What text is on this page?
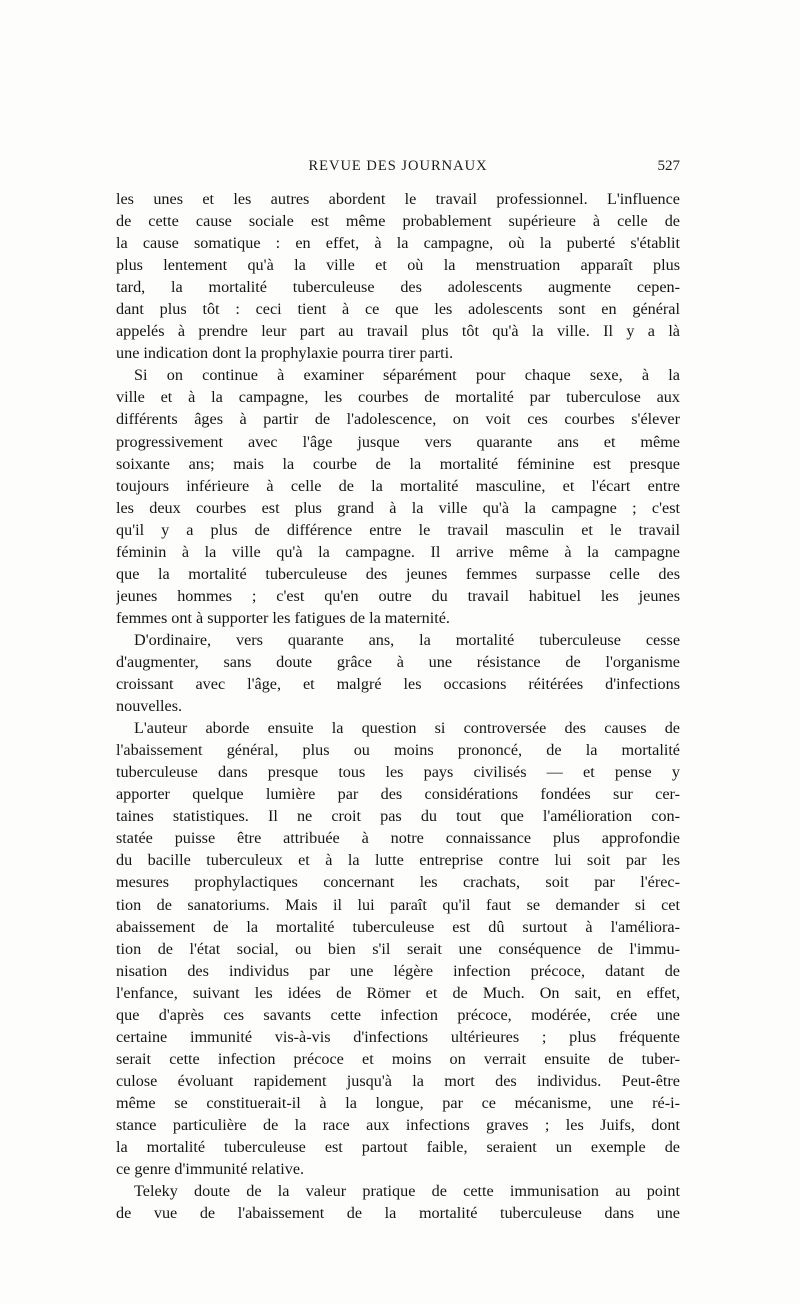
REVUE DES JOURNAUX	527
les unes et les autres abordent le travail professionnel. L'influence
de cette cause sociale est même probablement supérieure à celle de
la cause somatique : en effet, à la campagne, où la puberté s'établit
plus lentement qu'à la ville et où la menstruation apparaît plus
tard, la mortalité tuberculeuse des adolescents augmente cepen-
dant plus tôt : ceci tient à ce que les adolescents sont en général
appelés à prendre leur part au travail plus tôt qu'à la ville. Il y a là
une indication dont la prophylaxie pourra tirer parti.
Si on continue à examiner séparément pour chaque sexe, à la
ville et à la campagne, les courbes de mortalité par tuberculose aux
différents âges à partir de l'adolescence, on voit ces courbes s'élever
progressivement avec l'âge jusque vers quarante ans et même
soixante ans; mais la courbe de la mortalité féminine est presque
toujours inférieure à celle de la mortalité masculine, et l'écart entre
les deux courbes est plus grand à la ville qu'à la campagne ; c'est
qu'il y a plus de différence entre le travail masculin et le travail
féminin à la ville qu'à la campagne. Il arrive même à la campagne
que la mortalité tuberculeuse des jeunes femmes surpasse celle des
jeunes hommes ; c'est qu'en outre du travail habituel les jeunes
femmes ont à supporter les fatigues de la maternité.
D'ordinaire, vers quarante ans, la mortalité tuberculeuse cesse
d'augmenter, sans doute grâce à une résistance de l'organisme
croissant avec l'âge, et malgré les occasions réitérées d'infections
nouvelles.
L'auteur aborde ensuite la question si controversée des causes de
l'abaissement général, plus ou moins prononcé, de la mortalité
tuberculeuse dans presque tous les pays civilisés — et pense y
apporter quelque lumière par des considérations fondées sur cer-
taines statistiques. Il ne croit pas du tout que l'amélioration con-
statée puisse être attribuée à notre connaissance plus approfondie
du bacille tuberculeux et à la lutte entreprise contre lui soit par les
mesures prophylactiques concernant les crachats, soit par l'érec-
tion de sanatoriums. Mais il lui paraît qu'il faut se demander si cet
abaissement de la mortalité tuberculeuse est dû surtout à l'améliora-
tion de l'état social, ou bien s'il serait une conséquence de l'immu-
nisation des individus par une légère infection précoce, datant de
l'enfance, suivant les idées de Römer et de Much. On sait, en effet,
que d'après ces savants cette infection précoce, modérée, crée une
certaine immunité vis-à-vis d'infections ultérieures ; plus fréquente
serait cette infection précoce et moins on verrait ensuite de tuber-
culose évoluant rapidement jusqu'à la mort des individus. Peut-être
même se constituerait-il à la longue, par ce mécanisme, une ré-i-
stance particulière de la race aux infections graves ; les Juifs, dont
la mortalité tuberculeuse est partout faible, seraient un exemple de
ce genre d'immunité relative.
Teleky doute de la valeur pratique de cette immunisation au point
de vue de l'abaissement de la mortalité tuberculeuse dans une
